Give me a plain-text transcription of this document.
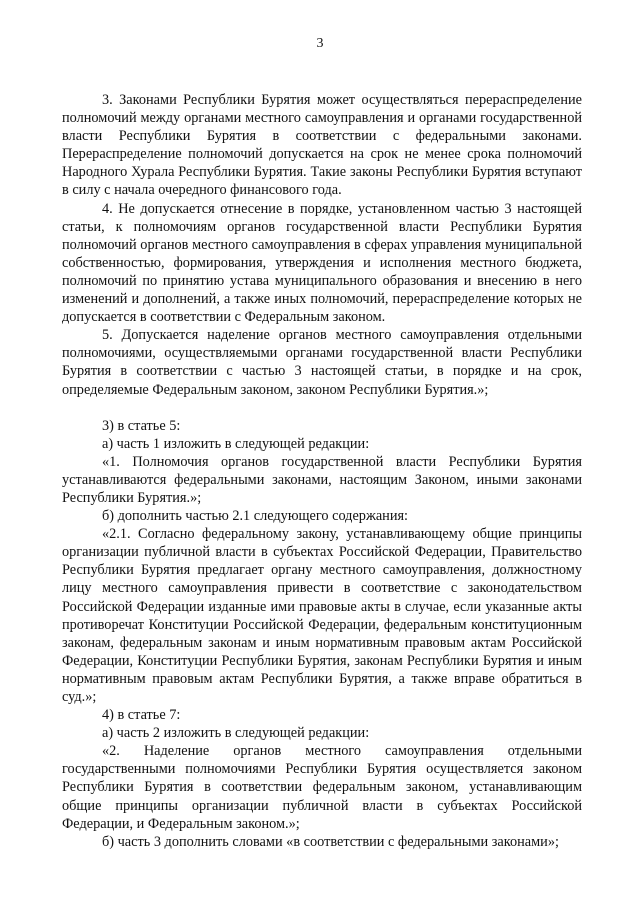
3

3. Законами Республики Бурятия может осуществляться перераспределение полномочий между органами местного самоуправления и органами государственной власти Республики Бурятия в соответствии с федеральными законами. Перераспределение полномочий допускается на срок не менее срока полномочий Народного Хурала Республики Бурятия. Такие законы Республики Бурятия вступают в силу с начала очередного финансового года.

4. Не допускается отнесение в порядке, установленном частью 3 настоящей статьи, к полномочиям органов государственной власти Республики Бурятия полномочий органов местного самоуправления в сферах управления муниципальной собственностью, формирования, утверждения и исполнения местного бюджета, полномочий по принятию устава муниципального образования и внесению в него изменений и дополнений, а также иных полномочий, перераспределение которых не допускается в соответствии с Федеральным законом.

5. Допускается наделение органов местного самоуправления отдельными полномочиями, осуществляемыми органами государственной власти Республики Бурятия в соответствии с частью 3 настоящей статьи, в порядке и на срок, определяемые Федеральным законом, законом Республики Бурятия.»;

3) в статье 5:

а) часть 1 изложить в следующей редакции:

«1. Полномочия органов государственной власти Республики Бурятия устанавливаются федеральными законами, настоящим Законом, иными законами Республики Бурятия.»;

б) дополнить частью 2.1 следующего содержания:

«2.1. Согласно федеральному закону, устанавливающему общие принципы организации публичной власти в субъектах Российской Федерации, Правительство Республики Бурятия предлагает органу местного самоуправления, должностному лицу местного самоуправления привести в соответствие с законодательством Российской Федерации изданные ими правовые акты в случае, если указанные акты противоречат Конституции Российской Федерации, федеральным конституционным законам, федеральным законам и иным нормативным правовым актам Российской Федерации, Конституции Республики Бурятия, законам Республики Бурятия и иным нормативным правовым актам Республики Бурятия, а также вправе обратиться в суд.»;

4) в статье 7:

а) часть 2 изложить в следующей редакции:

«2. Наделение органов местного самоуправления отдельными государственными полномочиями Республики Бурятия осуществляется законом Республики Бурятия в соответствии федеральным законом, устанавливающим общие принципы организации публичной власти в субъектах Российской Федерации, и Федеральным законом.»;

б) часть 3 дополнить словами «в соответствии с федеральными законами»;
